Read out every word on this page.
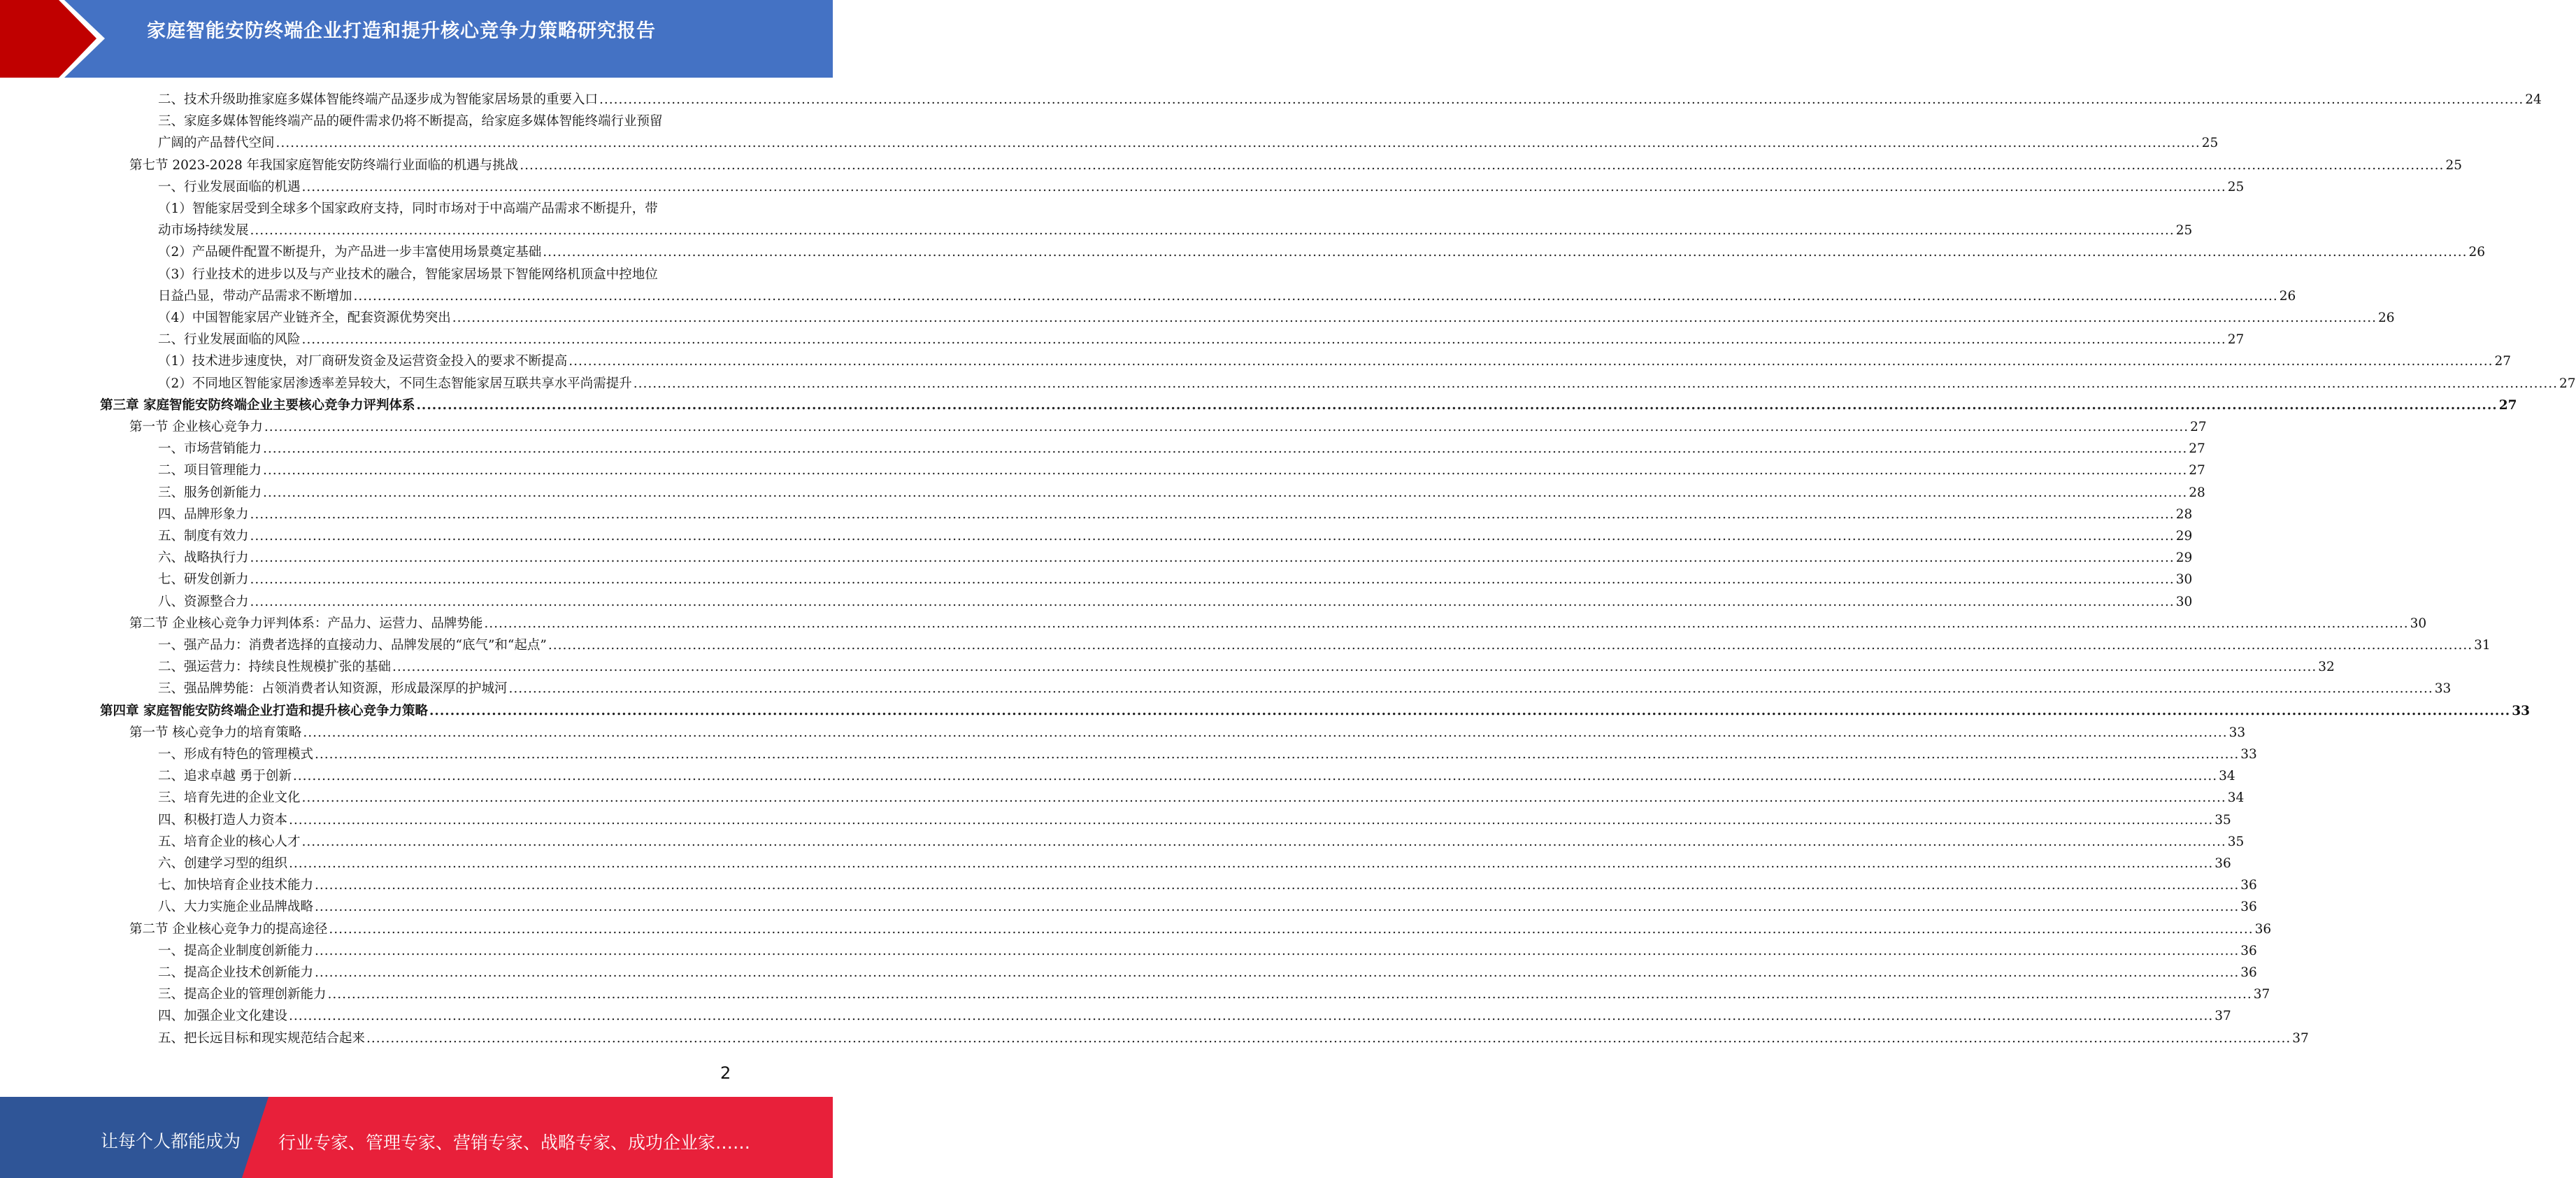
家庭智能安防终端企业打造和提升核心竞争力策略研究报告
二、技术升级助推家庭多媒体智能终端产品逐步成为智能家居场景的重要入口 ................................................................................................................................................................................................................................................................................................................................................................................................................ 24
三、家庭多媒体智能终端产品的硬件需求仍将不断提高，给家庭多媒体智能终端行业预留
广阔的产品替代空间 ................................................................................................................................................................................................................................................................................................................................................................................................................ 25
第七节 2023-2028 年我国家庭智能安防终端行业面临的机遇与挑战 ................................................................................................................................................................................................................................................................................................................................................................................................................ 25
一、行业发展面临的机遇 ................................................................................................................................................................................................................................................................................................................................................................................................................ 25
（1）智能家居受到全球多个国家政府支持，同时市场对于中高端产品需求不断提升，带
动市场持续发展 ................................................................................................................................................................................................................................................................................................................................................................................................................ 25
（2）产品硬件配置不断提升，为产品进一步丰富使用场景奠定基础 ................................................................................................................................................................................................................................................................................................................................................................................................................ 26
（3）行业技术的进步以及与产业技术的融合，智能家居场景下智能网络机顶盒中控地位
日益凸显，带动产品需求不断增加 ................................................................................................................................................................................................................................................................................................................................................................................................................ 26
（4）中国智能家居产业链齐全，配套资源优势突出 ................................................................................................................................................................................................................................................................................................................................................................................................................ 26
二、行业发展面临的风险 ................................................................................................................................................................................................................................................................................................................................................................................................................ 27
（1）技术进步速度快，对厂商研发资金及运营资金投入的要求不断提高 ................................................................................................................................................................................................................................................................................................................................................................................................................ 27
（2）不同地区智能家居渗透率差异较大，不同生态智能家居互联共享水平尚需提升 ................................................................................................................................................................................................................................................................................................................................................................................................................ 27
第三章 家庭智能安防终端企业主要核心竞争力评判体系 ................................................................................................................................................................................................................................................................................................................................................................................................................ 27
第一节 企业核心竞争力 ................................................................................................................................................................................................................................................................................................................................................................................................................ 27
一、市场营销能力 ................................................................................................................................................................................................................................................................................................................................................................................................................ 27
二、项目管理能力 ................................................................................................................................................................................................................................................................................................................................................................................................................ 27
三、服务创新能力 ................................................................................................................................................................................................................................................................................................................................................................................................................ 28
四、品牌形象力 ................................................................................................................................................................................................................................................................................................................................................................................................................ 28
五、制度有效力 ................................................................................................................................................................................................................................................................................................................................................................................................................ 29
六、战略执行力 ................................................................................................................................................................................................................................................................................................................................................................................................................ 29
七、研发创新力 ................................................................................................................................................................................................................................................................................................................................................................................................................ 30
八、资源整合力 ................................................................................................................................................................................................................................................................................................................................................................................................................ 30
第二节 企业核心竞争力评判体系：产品力、运营力、品牌势能 ................................................................................................................................................................................................................................................................................................................................................................................................................ 30
一、强产品力：消费者选择的直接动力、品牌发展的“底气”和“起点” ................................................................................................................................................................................................................................................................................................................................................................................................................ 31
二、强运营力：持续良性规模扩张的基础 ................................................................................................................................................................................................................................................................................................................................................................................................................ 32
三、强品牌势能：占领消费者认知资源，形成最深厚的护城河 ................................................................................................................................................................................................................................................................................................................................................................................................................ 33
第四章 家庭智能安防终端企业打造和提升核心竞争力策略 ................................................................................................................................................................................................................................................................................................................................................................................................................ 33
第一节 核心竞争力的培育策略 ................................................................................................................................................................................................................................................................................................................................................................................................................ 33
一、形成有特色的管理模式 ................................................................................................................................................................................................................................................................................................................................................................................................................ 33
二、追求卓越 勇于创新 ................................................................................................................................................................................................................................................................................................................................................................................................................ 34
三、培育先进的企业文化 ................................................................................................................................................................................................................................................................................................................................................................................................................ 34
四、积极打造人力资本 ................................................................................................................................................................................................................................................................................................................................................................................................................ 35
五、培育企业的核心人才 ................................................................................................................................................................................................................................................................................................................................................................................................................ 35
六、创建学习型的组织 ................................................................................................................................................................................................................................................................................................................................................................................................................ 36
七、加快培育企业技术能力 ................................................................................................................................................................................................................................................................................................................................................................................................................ 36
八、大力实施企业品牌战略 ................................................................................................................................................................................................................................................................................................................................................................................................................ 36
第二节 企业核心竞争力的提高途径 ................................................................................................................................................................................................................................................................................................................................................................................................................ 36
一、提高企业制度创新能力 ................................................................................................................................................................................................................................................................................................................................................................................................................ 36
二、提高企业技术创新能力 ................................................................................................................................................................................................................................................................................................................................................................................................................ 36
三、提高企业的管理创新能力 ................................................................................................................................................................................................................................................................................................................................................................................................................ 37
四、加强企业文化建设 ................................................................................................................................................................................................................................................................................................................................................................................................................ 37
五、把长远目标和现实规范结合起来 ................................................................................................................................................................................................................................................................................................................................................................................................................ 37
2
让每个人都能成为 行业专家、管理专家、营销专家、战略专家、成功企业家……
